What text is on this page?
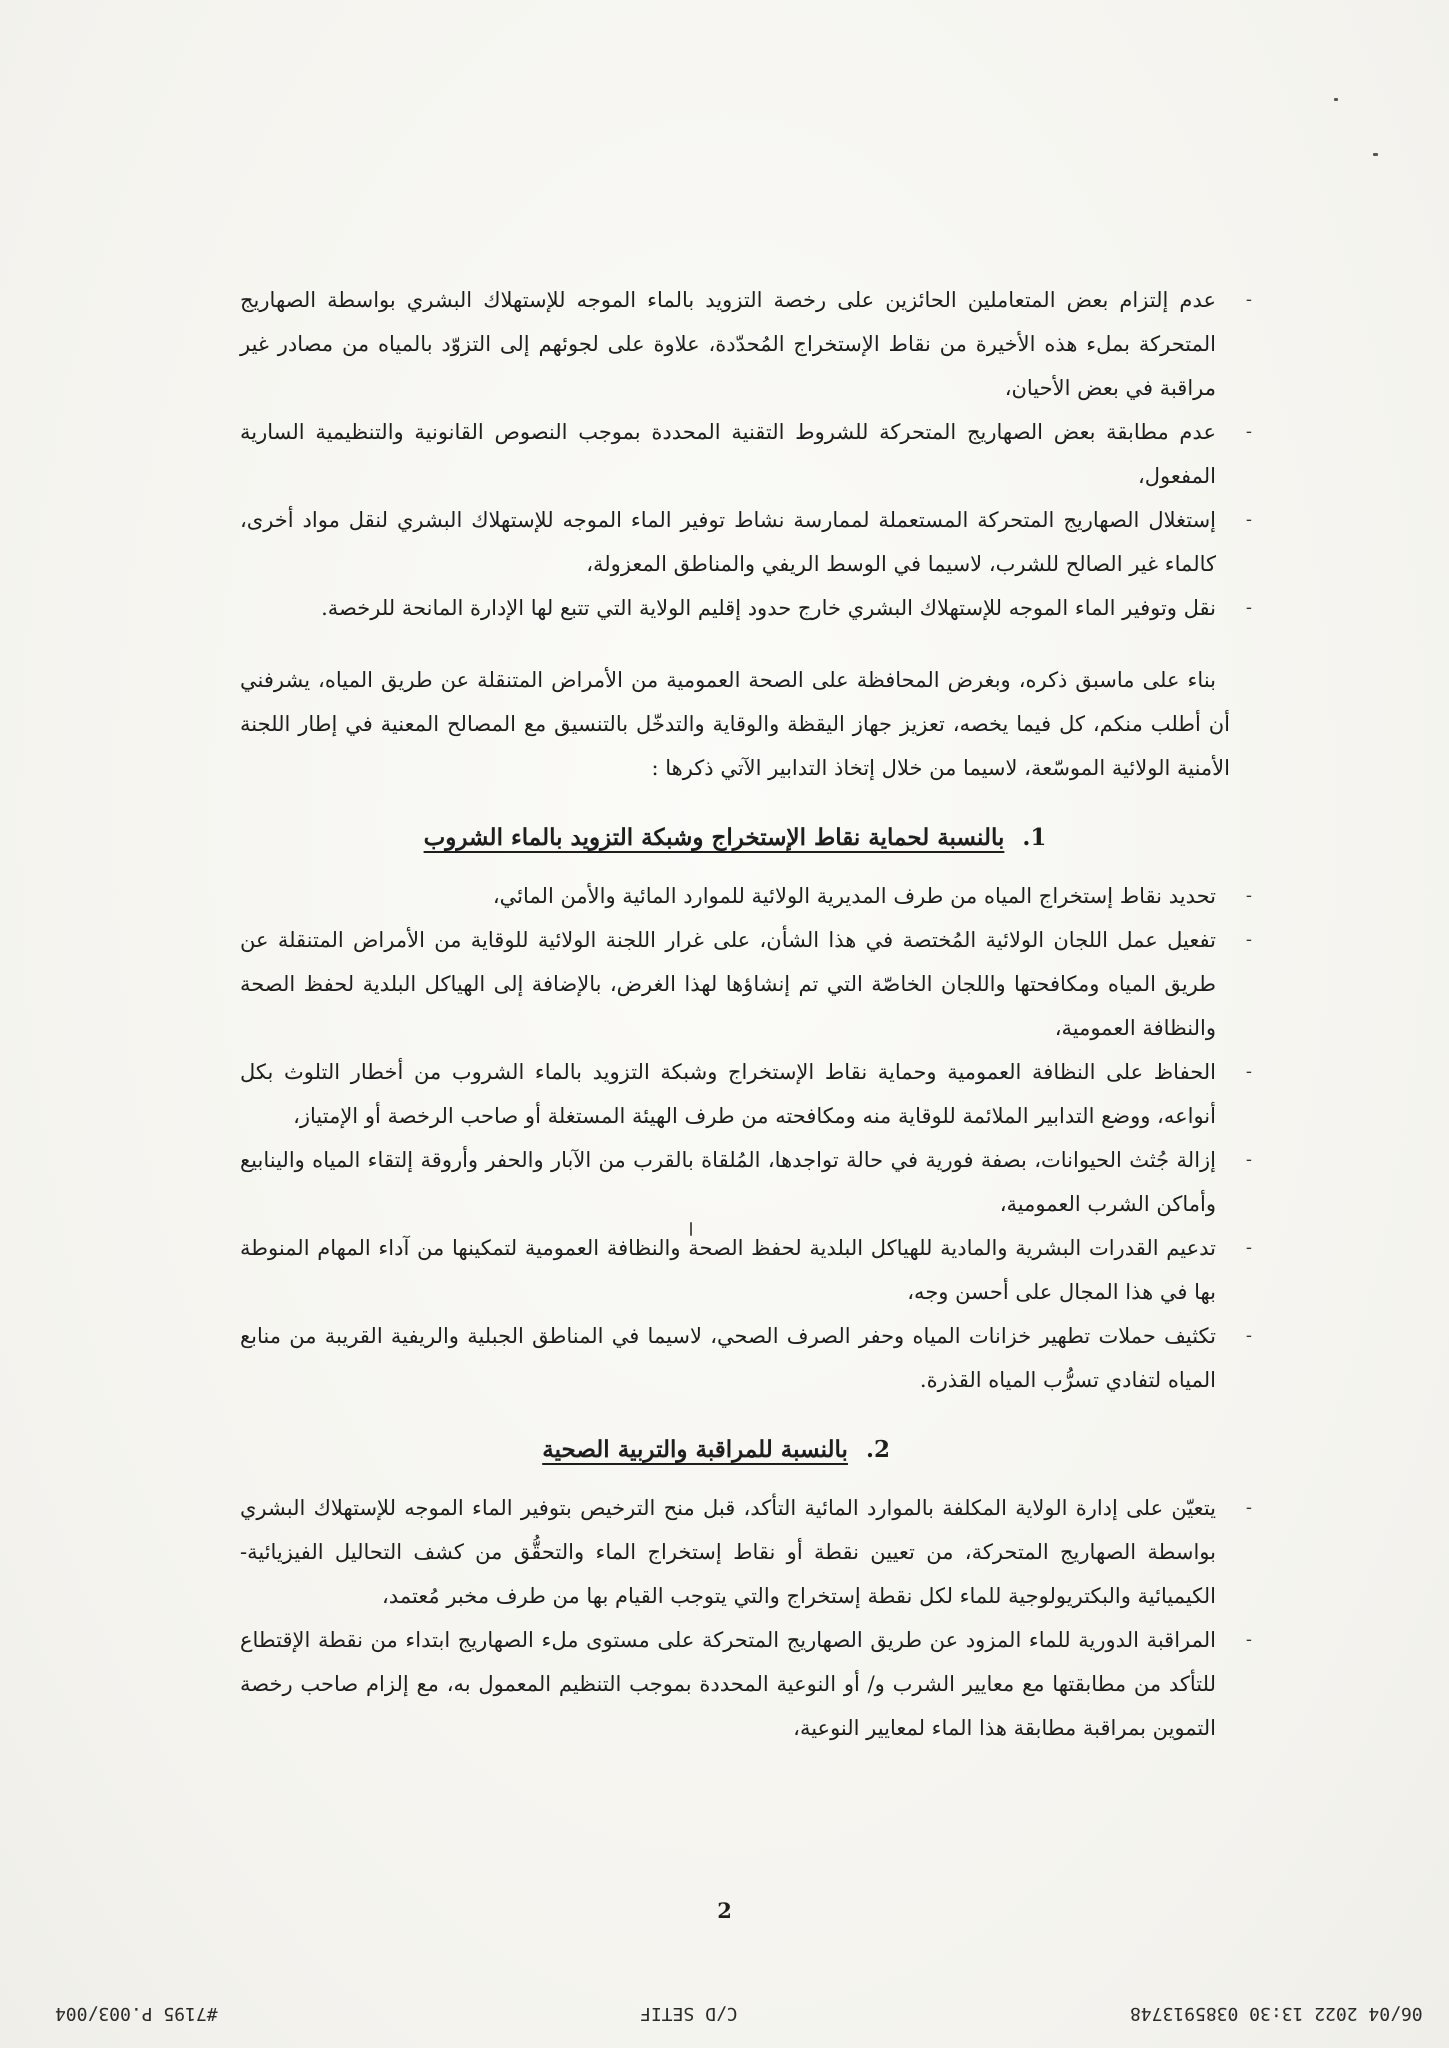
-
عدم إلتزام بعض المتعاملين الحائزين على رخصة التزويد بالماء الموجه للإستهلاك البشري بواسطة الصهاريج المتحركة بملء هذه الأخيرة من نقاط الإستخراج المُحدّدة، علاوة على لجوئهم إلى التزوّد بالمياه من مصادر غير مراقبة في بعض الأحيان،
-
عدم مطابقة بعض الصهاريج المتحركة للشروط التقنية المحددة بموجب النصوص القانونية والتنظيمية السارية المفعول،
-
إستغلال الصهاريج المتحركة المستعملة لممارسة نشاط توفير الماء الموجه للإستهلاك البشري لنقل مواد أخرى، كالماء غير الصالح للشرب، لاسيما في الوسط الريفي والمناطق المعزولة،
-
نقل وتوفير الماء الموجه للإستهلاك البشري خارج حدود إقليم الولاية التي تتبع لها الإدارة المانحة للرخصة.

بناء على ماسبق ذكره، وبغرض المحافظة على الصحة العمومية من الأمراض المتنقلة عن طريق المياه، يشرفني أن أطلب منكم، كل فيما يخصه، تعزيز جهاز اليقظة والوقاية والتدخّل بالتنسيق مع المصالح المعنية في إطار اللجنة الأمنية الولائية الموسّعة، لاسيما من خلال إتخاذ التدابير الآتي ذكرها :

1. بالنسبة لحماية نقاط الإستخراج وشبكة التزويد بالماء الشروب
-
تحديد نقاط إستخراج المياه من طرف المديرية الولائية للموارد المائية والأمن المائي،
-
تفعيل عمل اللجان الولائية المُختصة في هذا الشأن، على غرار اللجنة الولائية للوقاية من الأمراض المتنقلة عن طريق المياه ومكافحتها واللجان الخاصّة التي تم إنشاؤها لهذا الغرض، بالإضافة إلى الهياكل البلدية لحفظ الصحة والنظافة العمومية،
-
الحفاظ على النظافة العمومية وحماية نقاط الإستخراج وشبكة التزويد بالماء الشروب من أخطار التلوث بكل أنواعه، ووضع التدابير الملائمة للوقاية منه ومكافحته من طرف الهيئة المستغلة أو صاحب الرخصة أو الإمتياز،
-
إزالة جُثث الحيوانات، بصفة فورية في حالة تواجدها، المُلقاة بالقرب من الآبار والحفر وأروقة إلتقاء المياه والينابيع وأماكن الشرب العمومية،
-
تدعيم القدرات البشرية والمادية للهياكل البلدية لحفظ الصحة والنظافة العمومية لتمكينها من آداء المهام المنوطة بها في هذا المجال على أحسن وجه،
-
تكثيف حملات تطهير خزانات المياه وحفر الصرف الصحي، لاسيما في المناطق الجبلية والريفية القريبة من منابع المياه لتفادي تسرُّب المياه القذرة.
2. بالنسبة للمراقبة والتربية الصحية
-
يتعيّن على إدارة الولاية المكلفة بالموارد المائية التأكد، قبل منح الترخيص بتوفير الماء الموجه للإستهلاك البشري بواسطة الصهاريج المتحركة، من تعيين نقطة أو نقاط إستخراج الماء والتحقُّق من كشف التحاليل الفيزيائية-الكيميائية والبكتريولوجية للماء لكل نقطة إستخراج والتي يتوجب القيام بها من طرف مخبر مُعتمد،
-
المراقبة الدورية للماء المزود عن طريق الصهاريج المتحركة على مستوى ملء الصهاريج ابتداء من نقطة الإقتطاع للتأكد من مطابقتها مع معايير الشرب و/ أو النوعية المحددة بموجب التنظيم المعمول به، مع إلزام صاحب رخصة التموين بمراقبة مطابقة هذا الماء لمعايير النوعية،
2
06/04 2022 13:30 0385913748
C/D SETIF
#7195 P.003/004
